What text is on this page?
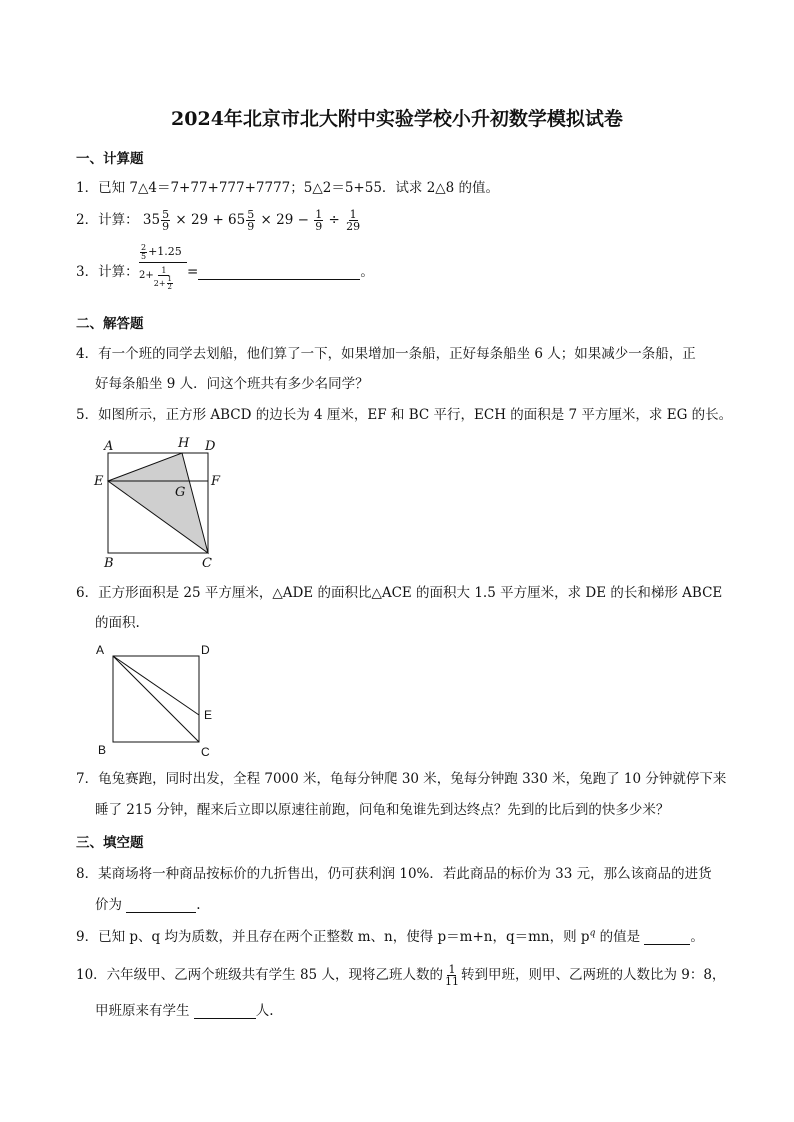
2024年北京市北大附中实验学校小升初数学模拟试卷
一、计算题
1．已知 7△4＝7+77+777+7777；5△2＝5+55．试求 2△8 的值。
2．计算： $35 \frac{5}{9} \times 29 + 65 \frac{5}{9} \times 29 - \frac{1}{9} \div \frac{1}{29}$
3．计算： $\frac{\frac{2}{5} +1.25}{2+ \frac{1}{2+ \frac{1}{2}}}$ =	。
二、解答题
4．有一个班的同学去划船，他们算了一下，如果增加一条船，正好每条船坐 6 人；如果减少一条船，正
好每条船坐 9 人．问这个班共有多少名同学？
5．如图所示，正方形 ABCD 的边长为 4 厘米，EF 和 BC 平行，ECH 的面积是 7 平方厘米，求 EG 的长。
A	H D
E
G
F
B	C
6．正方形面积是 25 平方厘米，△ADE 的面积比△ACE 的面积大 1.5 平方厘米，求 DE 的长和梯形 ABCE
的面积.
A	D
E
B	C
7．龟兔赛跑，同时出发，全程 7000 米，龟每分钟爬 30 米，兔每分钟跑 330 米，兔跑了 10 分钟就停下来
睡了 215 分钟，醒来后立即以原速往前跑，问龟和兔谁先到达终点？先到的比后到的快多少米？
三、填空题
8．某商场将一种商品按标价的九折售出，仍可获利润 10%．若此商品的标价为 33 元，那么该商品的进货
价为	.
9．已知 p、q 均为质数，并且存在两个正整数 m、n，使得 p＝m+n，q＝mn，则 $p^q$ 的值是	。
10．六年级甲、乙两个班级共有学生 85 人，现将乙班人数的 $\frac{1}{11}$ 转到甲班，则甲、乙两班的人数比为 9：8，
甲班原来有学生	人.
